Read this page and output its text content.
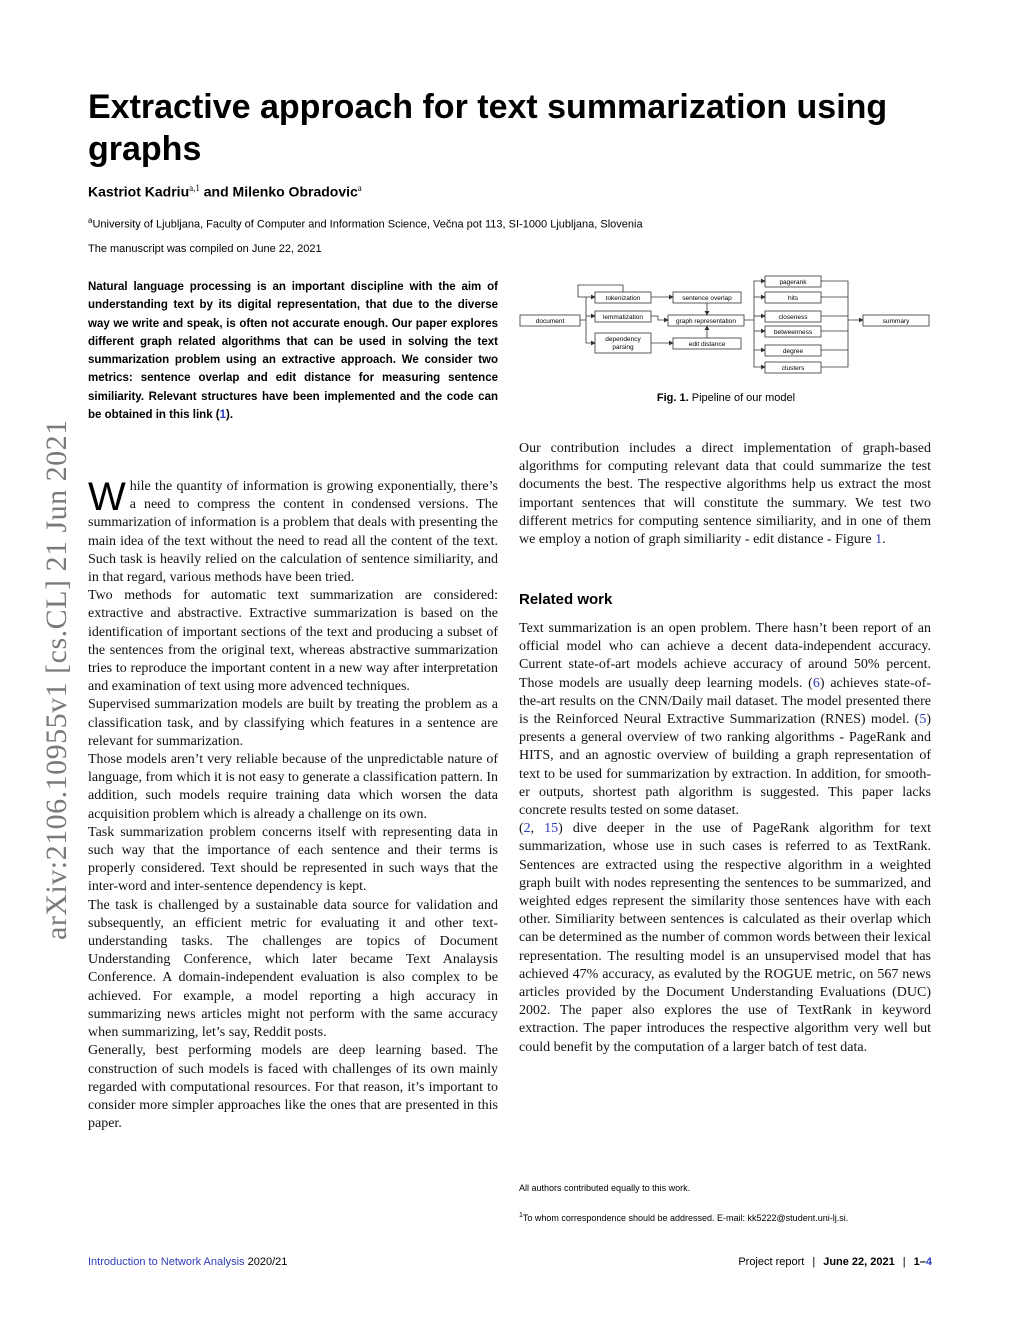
Extractive approach for text summarization using graphs
Kastriot Kadriu$^{a,1}$ and Milenko Obradovic$^a$
$^a$University of Ljubljana, Faculty of Computer and Information Science, Večna pot 113, SI-1000 Ljubljana, Slovenia
The manuscript was compiled on June 22, 2021

Natural language processing is an important discipline with the aim of understanding text by its digital representation, that due to the diverse way we write and speak, is often not accurate enough. Our paper explores different graph related algorithms that can be used in solving the text summarization problem using an extractive approach. We consider two metrics: sentence overlap and edit distance for measuring sentence similiarity. Relevant structures have been implemented and the code can be obtained in this link (1).

arXiv:2106.10955v1 [cs.CL] 21 Jun 2021 While the quantity of information is growing exponentially, there’s a need to compress the content in condensed versions. The summarization of information is a problem that deals with presenting the main idea of the text without the need to read all the content of the text. Such task is heavily relied on the calculation of sentence similiarity, and in that regard, various methods have been tried.

Two methods for automatic text summarization are considered: extractive and abstractive. Extractive summarization is based on the identification of important sections of the text and producing a subset of the sentences from the original text, whereas abstractive summarization tries to reproduce the important content in a new way after interpretation and examination of text using more advenced techniques.

Supervised summarization models are built by treating the problem as a classification task, and by classifying which features in a sentence are relevant for summarization.

Those models aren’t very reliable because of the unpredictable nature of language, from which it is not easy to generate a classification pattern. In addition, such models require training data which worsen the data acquisition problem which is already a challenge on its own.

Task summarization problem concerns itself with representing data in such way that the importance of each sentence and their terms is properly considered. Text should be represented in such ways that the inter-word and inter-sentence dependency is kept.

The task is challenged by a sustainable data source for validation and subsequently, an efficient metric for evaluating it and other text-understanding tasks. The challenges are topics of Document Understanding Conference, which later became Text Analaysis Conference. A domain-independent evaluation is also complex to be achieved. For example, a model reporting a high accuracy in summarizing news articles might not perform with the same accuracy when summarizing, let’s say, Reddit posts.

Generally, best performing models are deep learning based. The construction of such models is faced with challenges of its own mainly regarded with computational resources. For that reason, it’s important to consider more simpler approaches like the ones that are presented in this paper.

document
tokenization
lemmatization
dependency
parsing
sentence overlap
graph representation
edit distance
pagerank
hits
closeness
betweenness
degree
clusters
summary
Fig. 1. Pipeline of our model

Our contribution includes a direct implementation of graph-based algorithms for computing relevant data that could summarize the test documents the best. The respective algorithms help us extract the most important sentences that will constitute the summary. We test two different metrics for computing sentence similiarity, and in one of them we employ a notion of graph similiarity - edit distance - Figure 1.

Related work

Text summarization is an open problem. There hasn’t been report of an official model who can achieve a decent data-independent accuracy. Current state-of-art models achieve accuracy of around 50% percent. Those models are usually deep learning models. (6) achieves state-of-the-art results on the CNN/Daily mail dataset. The model presented there is the Reinforced Neural Extractive Summarization (RNES) model. (5) presents a general overview of two ranking algorithms - PageRank and HITS, and an agnostic overview of building a graph representation of text to be used for summarization by extraction. In addition, for smooth-er outputs, shortest path algorithm is suggested. This paper lacks concrete results tested on some dataset.

(2, 15) dive deeper in the use of PageRank algorithm for text summarization, whose use in such cases is referred to as TextRank. Sentences are extracted using the respective algorithm in a weighted graph built with nodes representing the sentences to be summarized, and weighted edges represent the similarity those sentences have with each other. Similiarity between sentences is calculated as their overlap which can be determined as the number of common words between their lexical representation. The resulting model is an unsupervised model that has achieved 47% accuracy, as evaluted by the ROGUE metric, on 567 news articles provided by the Document Understanding Evaluations (DUC) 2002. The paper also explores the use of TextRank in keyword extraction. The paper introduces the respective algorithm very well but could benefit by the computation of a larger batch of test data.

All authors contributed equally to this work.
$^1$To whom correspondence should be addressed. E-mail: kk5222@student.uni-lj.si.
Introduction to Network Analysis 2020/21	Project report | June 22, 2021 | 1–4
